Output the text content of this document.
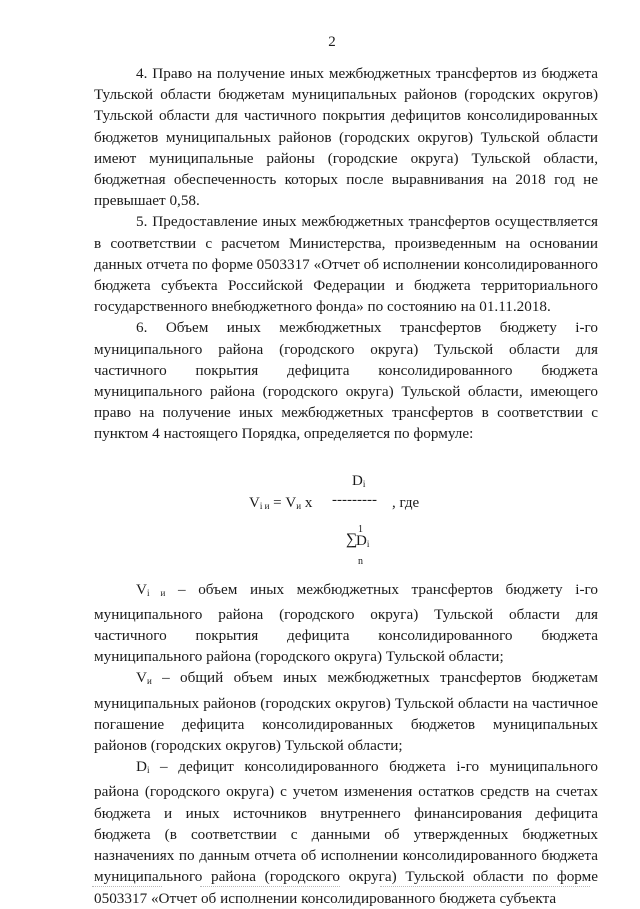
2

4. Право на получение иных межбюджетных трансфертов из бюджета Тульской области бюджетам муниципальных районов (городских округов) Тульской области для частичного покрытия дефицитов консолидированных бюджетов муниципальных районов (городских округов) Тульской области имеют муниципальные районы (городские округа) Тульской области, бюджетная обеспеченность которых после выравнивания на 2018 год не превышает 0,58.

5. Предоставление иных межбюджетных трансфертов осуществляется в соответствии с расчетом Министерства, произведенным на основании данных отчета по форме 0503317 «Отчет об исполнении консолидированного бюджета субъекта Российской Федерации и бюджета территориального государственного внебюджетного фонда» по состоянию на 01.11.2018.

6. Объем иных межбюджетных трансфертов бюджету i-го муниципального района (городского округа) Тульской области для частичного покрытия дефицита консолидированного бюджета муниципального района (городского округа) Тульской области, имеющего право на получение иных межбюджетных трансфертов в соответствии с пунктом 4 настоящего Порядка, определяется по формуле:

$D_i$
$V_{i и} = V_и$ х --------- , где
1
∑
$D_i$
n

$V_{i и}$ – объем иных межбюджетных трансфертов бюджету i-го муниципального района (городского округа) Тульской области для частичного покрытия дефицита консолидированного бюджета муниципального района (городского округа) Тульской области;

$V_и$ – общий объем иных межбюджетных трансфертов бюджетам муниципальных районов (городских округов) Тульской области на частичное погашение дефицита консолидированных бюджетов муниципальных районов (городских округов) Тульской области;

$D_i$ – дефицит консолидированного бюджета i-го муниципального района (городского округа) с учетом изменения остатков средств на счетах бюджета и иных источников внутреннего финансирования дефицита бюджета (в соответствии с данными об утвержденных бюджетных назначениях по данным отчета об исполнении консолидированного бюджета муниципального района (городского округа) Тульской области по форме 0503317 «Отчет об исполнении консолидированного бюджета субъекта
